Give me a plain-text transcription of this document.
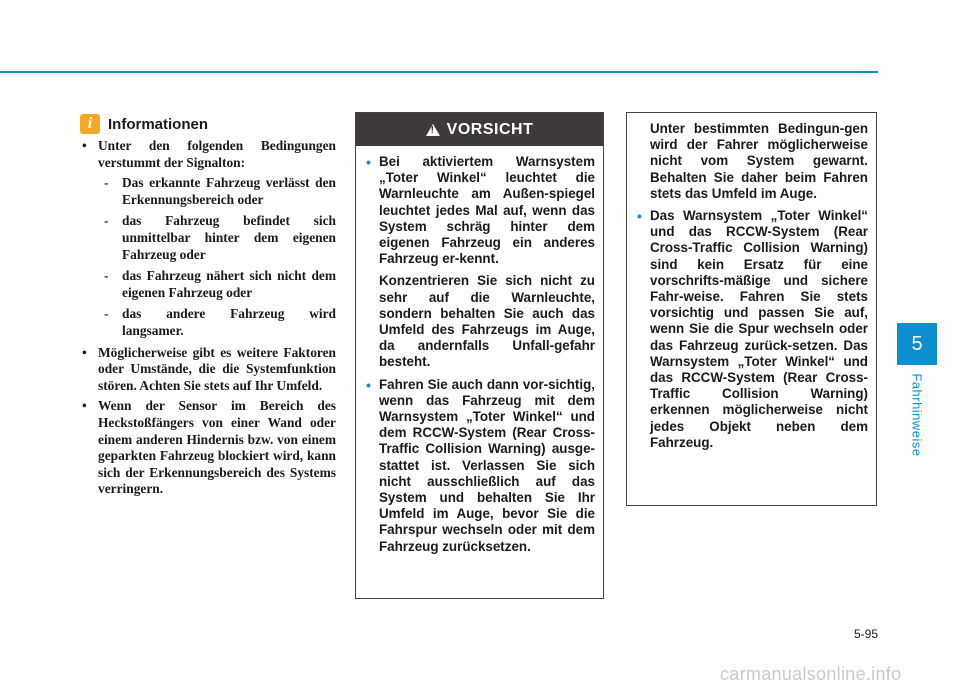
5
Fahrhinweise
i	Informationen
• Unter den folgenden Bedingungen verstummt der Signalton:
- Das erkannte Fahrzeug verlässt den Erkennungsbereich oder
- das Fahrzeug befindet sich unmittelbar hinter dem eigenen Fahrzeug oder
- das Fahrzeug nähert sich nicht dem eigenen Fahrzeug oder
- das andere Fahrzeug wird langsamer.
• Möglicherweise gibt es weitere Faktoren oder Umstände, die die Systemfunktion stören. Achten Sie stets auf Ihr Umfeld.
• Wenn der Sensor im Bereich des Heckstoßfängers von einer Wand oder einem anderen Hindernis bzw. von einem geparkten Fahrzeug blockiert wird, kann sich der Erkennungsbereich des Systems verringern.
!
VORSICHT
• Bei aktiviertem Warnsystem „Toter Winkel“ leuchtet die Warnleuchte am Außen-spiegel leuchtet jedes Mal auf, wenn das System schräg hinter dem eigenen Fahrzeug ein anderes Fahrzeug er-kennt.
Konzentrieren Sie sich nicht zu sehr auf die Warnleuchte, sondern behalten Sie auch das Umfeld des Fahrzeugs im Auge, da andernfalls Unfall-gefahr besteht.
• Fahren Sie auch dann vor-sichtig, wenn das Fahrzeug mit dem Warnsystem „Toter Winkel“ und dem RCCW-System (Rear Cross-Traffic Collision Warning) ausge-stattet ist. Verlassen Sie sich nicht ausschließlich auf das System und behalten Sie Ihr Umfeld im Auge, bevor Sie die Fahrspur wechseln oder mit dem Fahrzeug zurücksetzen.
Unter bestimmten Bedingun-gen wird der Fahrer möglicherweise nicht vom System gewarnt. Behalten Sie daher beim Fahren stets das Umfeld im Auge.
• Das Warnsystem „Toter Winkel“ und das RCCW-System (Rear Cross-Traffic Collision Warning) sind kein Ersatz für eine vorschrifts-mäßige und sichere Fahr-weise. Fahren Sie stets vorsichtig und passen Sie auf, wenn Sie die Spur wechseln oder das Fahrzeug zurück-setzen. Das Warnsystem „Toter Winkel“ und das RCCW-System (Rear Cross-Traffic Collision Warning) erkennen möglicherweise nicht jedes Objekt neben dem Fahrzeug.
5-95
carmanualsonline.info
